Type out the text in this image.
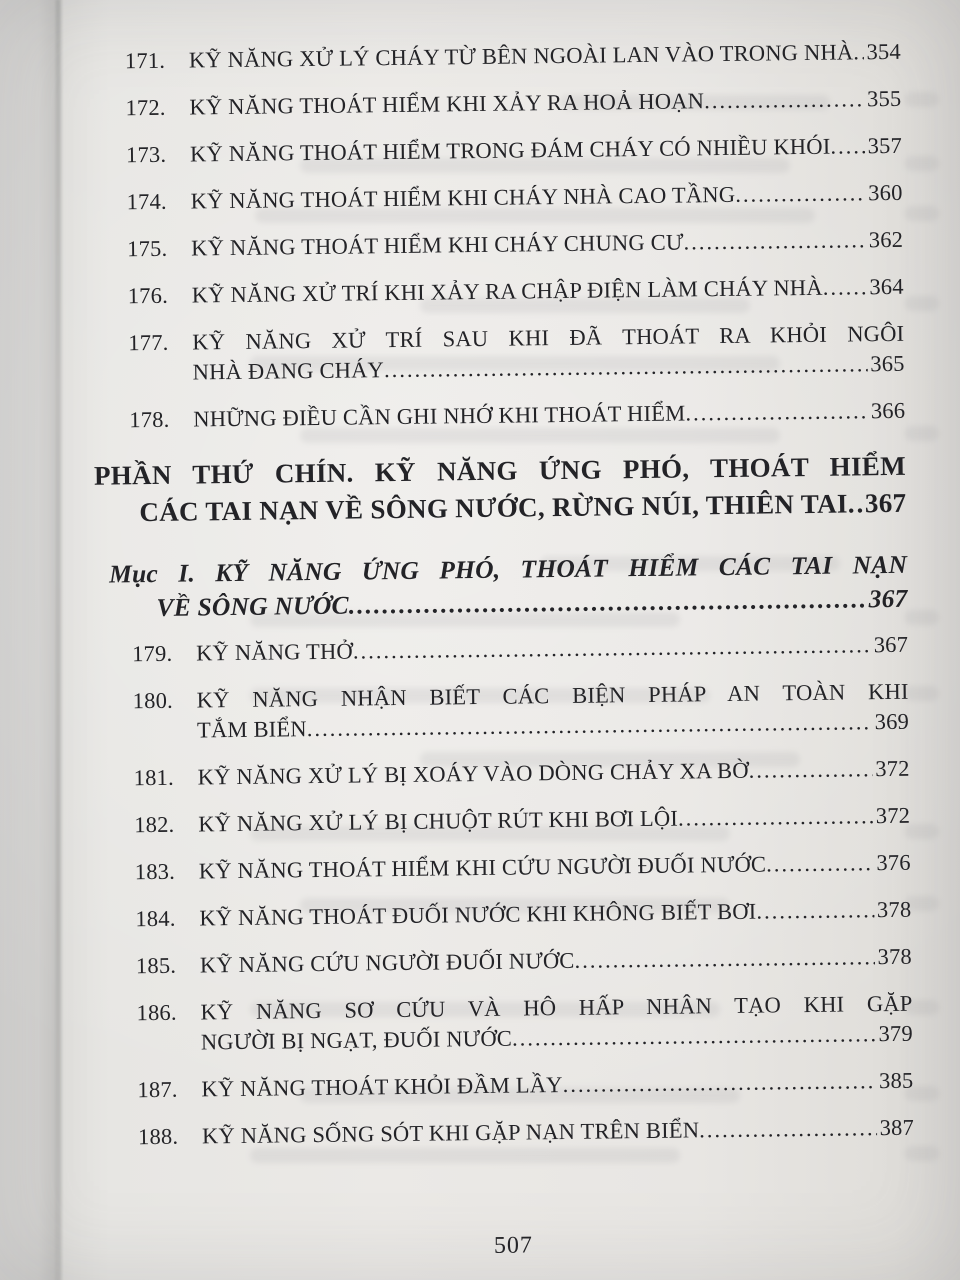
171.	KỸ NĂNG XỬ LÝ CHÁY TỪ BÊN NGOÀI LAN VÀO TRONG NHÀ ..... 354
172.	KỸ NĂNG THOÁT HIỂM KHI XẢY RA HOẢ HOẠN .....	355
173.	KỸ NĂNG THOÁT HIỂM TRONG ĐÁM CHÁY CÓ NHIỀU KHÓI ..... 357
174.	KỸ NĂNG THOÁT HIỂM KHI CHÁY NHÀ CAO TẦNG .....	360
175.	KỸ NĂNG THOÁT HIỂM KHI CHÁY CHUNG CƯ .....	362
176.	KỸ NĂNG XỬ TRÍ KHI XẢY RA CHẬP ĐIỆN LÀM CHÁY NHÀ ..... 364
177.	KỸ NĂNG XỬ TRÍ SAU KHI ĐÃ THOÁT RA KHỎI NGÔI
NHÀ ĐANG CHÁY .....	365
178.	NHỮNG ĐIỀU CẦN GHI NHỚ KHI THOÁT HIỂM .....	366
PHẦN THỨ CHÍN. KỸ NĂNG ỨNG PHÓ, THOÁT HIỂM
CÁC TAI NẠN VỀ SÔNG NƯỚC, RỪNG NÚI, THIÊN TAI ..... 367
Mục I. KỸ NĂNG ỨNG PHÓ, THOÁT HIỂM CÁC TAI NẠN
VỀ SÔNG NƯỚC .....	367
179.	KỸ NĂNG THỞ .....	367
180.	KỸ NĂNG NHẬN BIẾT CÁC BIỆN PHÁP AN TOÀN KHI
TẮM BIỂN .....	369
181.	KỸ NĂNG XỬ LÝ BỊ XOÁY VÀO DÒNG CHẢY XA BỜ .....	372
182.	KỸ NĂNG XỬ LÝ BỊ CHUỘT RÚT KHI BƠI LỘI .....	372
183.	KỸ NĂNG THOÁT HIỂM KHI CỨU NGƯỜI ĐUỐI NƯỚC .....	376
184.	KỸ NĂNG THOÁT ĐUỐI NƯỚC KHI KHÔNG BIẾT BƠI .....	378
185.	KỸ NĂNG CỨU NGƯỜI ĐUỐI NƯỚC .....	378
186.	KỸ NĂNG SƠ CỨU VÀ HÔ HẤP NHÂN TẠO KHI GẶP
NGƯỜI BỊ NGẠT, ĐUỐI NƯỚC .....	379
187.	KỸ NĂNG THOÁT KHỎI ĐẦM LẦY .....	385
188.	KỸ NĂNG SỐNG SÓT KHI GẶP NẠN TRÊN BIỂN .....	387
507
